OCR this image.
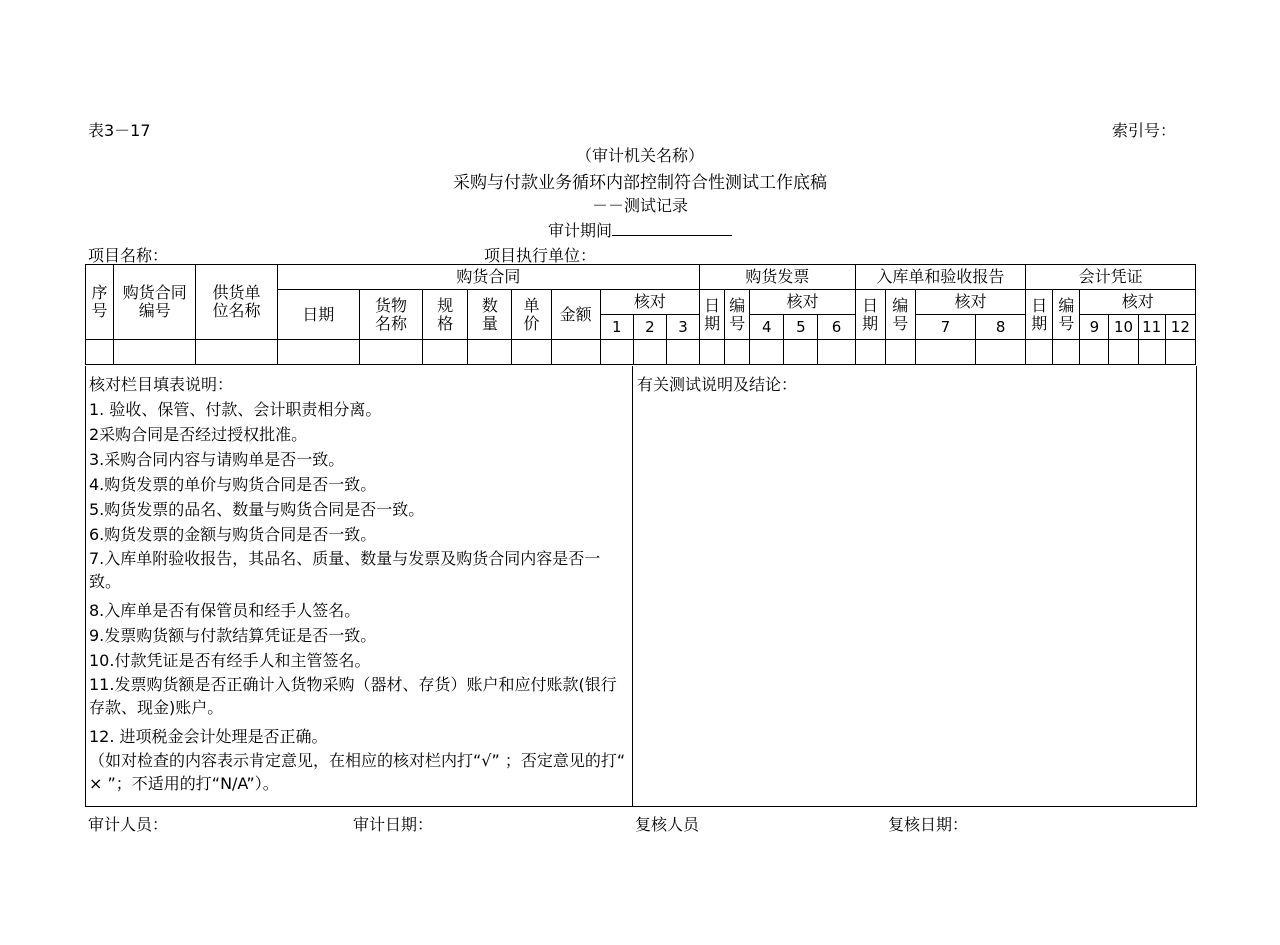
表3－17	索引号：
（审计机关名称）
采购与付款业务循环内部控制符合性测试工作底稿
－－测试记录
审计期间
项目名称：	项目执行单位：
序号	购货合同编号	供货单位名称	购货合同									购货发票					入库单和验收报告				会计凭证					
			日期	货物名称	规格	数量	单价	金额	核对			日期	编号	核对			日期	编号	核对		日期	编号	核对			
									1	2	3			4	5	6			7	8			9	10	11	12

核对栏目填表说明：
1. 验收、保管、付款、会计职责相分离。
2采购合同是否经过授权批准。
3.采购合同内容与请购单是否一致。
4.购货发票的单价与购货合同是否一致。
5.购货发票的品名、数量与购货合同是否一致。
6.购货发票的金额与购货合同是否一致。
7.入库单附验收报告，其品名、质量、数量与发票及购货合同内容是否一致。
8.入库单是否有保管员和经手人签名。
9.发票购货额与付款结算凭证是否一致。
10.付款凭证是否有经手人和主管签名。
11.发票购货额是否正确计入货物采购（器材、存货）账户和应付账款(银行存款、现金)账户。
12. 进项税金会计处理是否正确。
（如对检查的内容表示肯定意见，在相应的核对栏内打“√” ；否定意见的打“ × ”；不适用的打“N/A”）。
有关测试说明及结论：
审计人员：	审计日期：	复核人员	复核日期：
